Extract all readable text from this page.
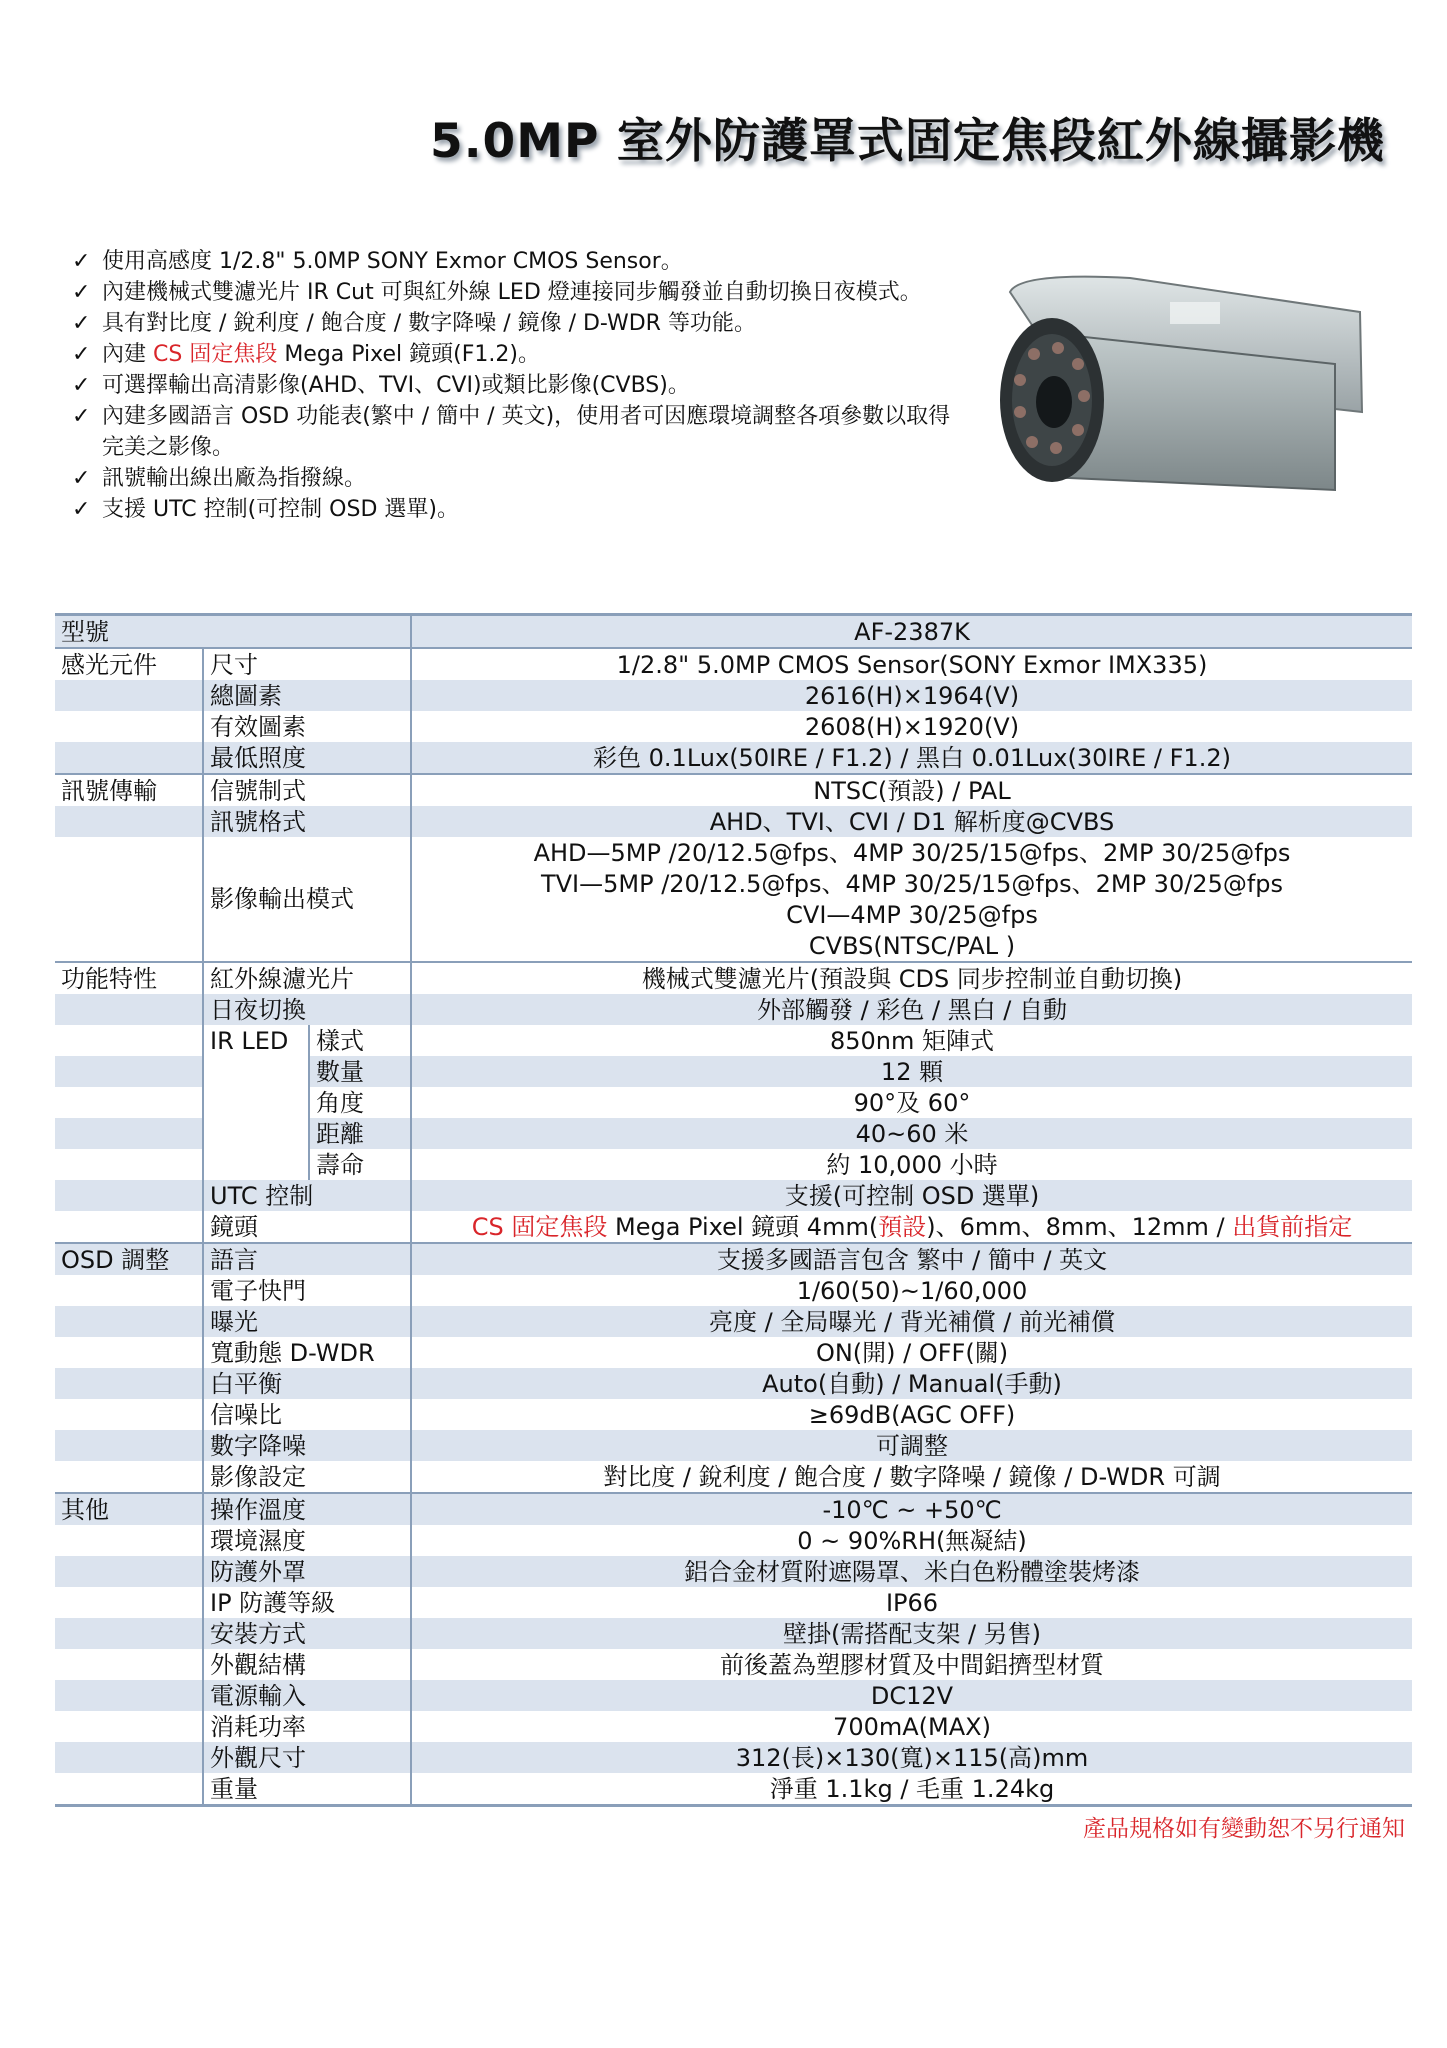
5.0MP 室外防護罩式固定焦段紅外線攝影機
✓ 使用高感度 1/2.8" 5.0MP SONY Exmor CMOS Sensor。
✓ 內建機械式雙濾光片 IR Cut 可與紅外線 LED 燈連接同步觸發並自動切換日夜模式。
✓ 具有對比度 / 銳利度 / 飽合度 / 數字降噪 / 鏡像 / D-WDR 等功能。
✓ 內建 CS 固定焦段 Mega Pixel 鏡頭(F1.2)。
✓ 可選擇輸出高清影像(AHD、TVI、CVI)或類比影像(CVBS)。
✓ 內建多國語言 OSD 功能表(繁中 / 簡中 / 英文)，使用者可因應環境調整各項參數以取得完美之影像。
✓ 訊號輸出線出廠為指撥線。
✓ 支援 UTC 控制(可控制 OSD 選單)。
型號			AF-2387K
感光元件	尺寸		1/2.8" 5.0MP CMOS Sensor(SONY Exmor IMX335)
	總圖素		2616(H)×1964(V)
	有效圖素		2608(H)×1920(V)
	最低照度		彩色 0.1Lux(50IRE / F1.2) / 黑白 0.01Lux(30IRE / F1.2)
訊號傳輸	信號制式		NTSC(預設) / PAL
	訊號格式		AHD、TVI、CVI / D1 解析度@CVBS
	影像輸出模式		AHD—5MP /20/12.5@fps、4MP 30/25/15@fps、2MP 30/25@fps
			TVI—5MP /20/12.5@fps、4MP 30/25/15@fps、2MP 30/25@fps
			CVI—4MP 30/25@fps
			CVBS(NTSC/PAL )
功能特性	紅外線濾光片		機械式雙濾光片(預設與 CDS 同步控制並自動切換)
	日夜切換		外部觸發 / 彩色 / 黑白 / 自動
	IR LED	樣式	850nm 矩陣式
		數量	12 顆
		角度	90°及 60°
		距離	40~60 米
		壽命	約 10,000 小時
	UTC 控制		支援(可控制 OSD 選單)
	鏡頭		CS 固定焦段 Mega Pixel 鏡頭 4mm(預設)、6mm、8mm、12mm / 出貨前指定
OSD 調整	語言		支援多國語言包含 繁中 / 簡中 / 英文
	電子快門		1/60(50)~1/60,000
	曝光		亮度 / 全局曝光 / 背光補償 / 前光補償
	寬動態 D-WDR		ON(開) / OFF(關)
	白平衡		Auto(自動) / Manual(手動)
	信噪比		≥69dB(AGC OFF)
	數字降噪		可調整
	影像設定		對比度 / 銳利度 / 飽合度 / 數字降噪 / 鏡像 / D-WDR 可調
其他	操作溫度		-10℃ ~ +50℃
	環境濕度		0 ~ 90%RH(無凝結)
	防護外罩		鋁合金材質附遮陽罩、米白色粉體塗裝烤漆
	IP 防護等級		IP66
	安裝方式		壁掛(需搭配支架 / 另售)
	外觀結構		前後蓋為塑膠材質及中間鋁擠型材質
	電源輸入		DC12V
	消耗功率		700mA(MAX)
	外觀尺寸		312(長)×130(寬)×115(高)mm
	重量		淨重 1.1kg / 毛重 1.24kg
產品規格如有變動恕不另行通知
